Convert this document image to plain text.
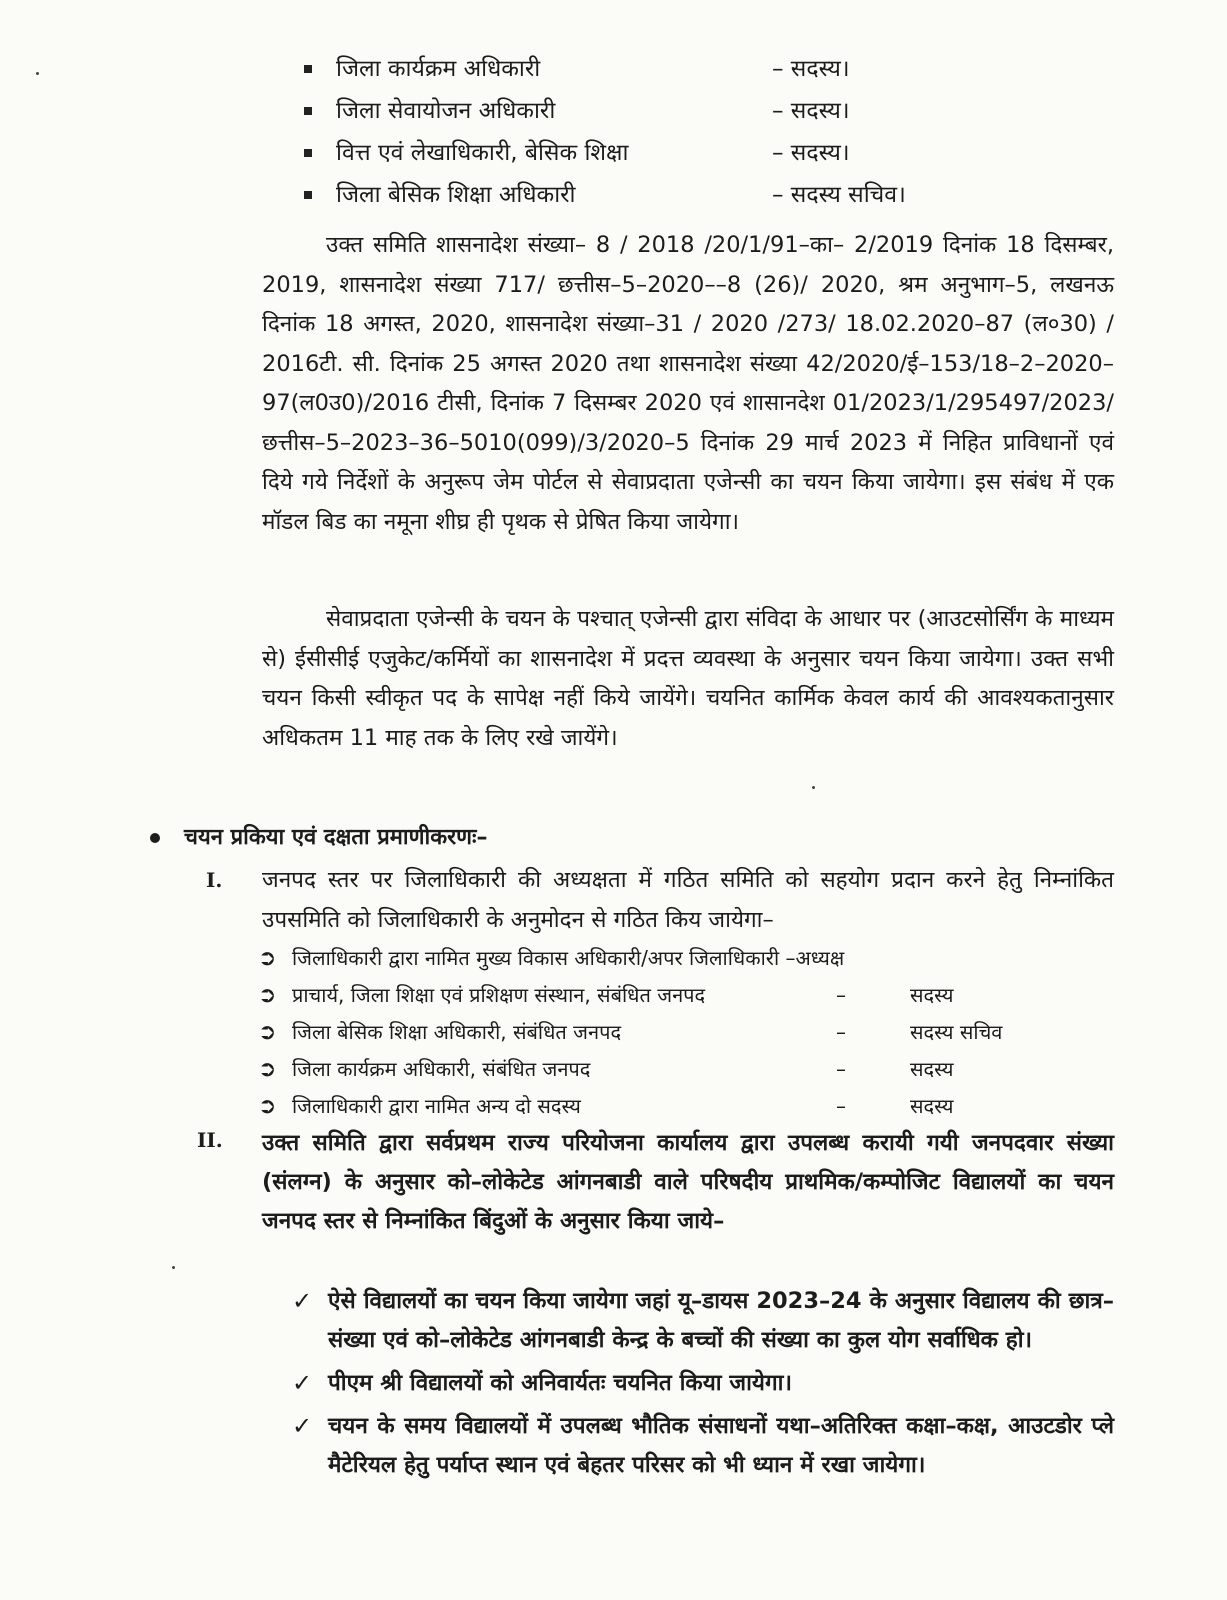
जिला कार्यक्रम अधिकारी	– सदस्य।
जिला सेवायोजन अधिकारी	– सदस्य।
वित्त एवं लेखाधिकारी, बेसिक शिक्षा	– सदस्य।
जिला बेसिक शिक्षा अधिकारी	– सदस्य सचिव।

उक्त समिति शासनादेश संख्या– 8 / 2018 /20/1/91–का– 2/2019 दिनांक 18 दिसम्बर, 2019, शासनादेश संख्या 717/ छत्तीस–5–2020––8 (26)/ 2020, श्रम अनुभाग–5, लखनऊ दिनांक 18 अगस्त, 2020, शासनादेश संख्या–31 / 2020 /273/ 18.02.2020–87 (ल०30) / 2016टी. सी. दिनांक 25 अगस्त 2020 तथा शासनादेश संख्या 42/2020/ई–153/18–2–2020–97(ल0उ0)/2016 टीसी, दिनांक 7 दिसम्बर 2020 एवं शासानदेश 01/2023/1/295497/2023/छत्तीस–5–2023–36–5010(099)/3/2020–5 दिनांक 29 मार्च 2023 में निहित प्राविधानों एवं दिये गये निर्देशों के अनुरूप जेम पोर्टल से सेवाप्रदाता एजेन्सी का चयन किया जायेगा। इस संबंध में एक मॉडल बिड का नमूना शीघ्र ही पृथक से प्रेषित किया जायेगा।

सेवाप्रदाता एजेन्सी के चयन के पश्चात् एजेन्सी द्वारा संविदा के आधार पर (आउटसोर्सिंग के माध्यम से) ईसीसीई एजुकेट/कर्मियों का शासनादेश में प्रदत्त व्यवस्था के अनुसार चयन किया जायेगा। उक्त सभी चयन किसी स्वीकृत पद के सापेक्ष नहीं किये जायेंगे। चयनित कार्मिक केवल कार्य की आवश्यकतानुसार अधिकतम 11 माह तक के लिए रखे जायेंगे।

चयन प्रकिया एवं दक्षता प्रमाणीकरणः–
I. जनपद स्तर पर जिलाधिकारी की अध्यक्षता में गठित समिति को सहयोग प्रदान करने हेतु निम्नांकित उपसमिति को जिलाधिकारी के अनुमोदन से गठित किय जायेगा–

➲ जिलाधिकारी द्वारा नामित मुख्य विकास अधिकारी/अपर जिलाधिकारी –अध्यक्ष
➲ प्राचार्य, जिला शिक्षा एवं प्रशिक्षण संस्थान, संबंधित जनपद	–	सदस्य
➲ जिला बेसिक शिक्षा अधिकारी, संबंधित जनपद	–	सदस्य सचिव
➲ जिला कार्यक्रम अधिकारी, संबंधित जनपद	–	सदस्य
➲ जिलाधिकारी द्वारा नामित अन्य दो सदस्य	–	सदस्य
II. उक्त समिति द्वारा सर्वप्रथम राज्य परियोजना कार्यालय द्वारा उपलब्ध करायी गयी जनपदवार संख्या (संलग्न) के अनुसार को–लोकेटेड आंगनबाडी वाले परिषदीय प्राथमिक/कम्पोजिट विद्यालयों का चयन जनपद स्तर से निम्नांकित बिंदुओं के अनुसार किया जाये–

✓ ऐसे विद्यालयों का चयन किया जायेगा जहां यू–डायस 2023–24 के अनुसार विद्यालय की छात्र–संख्या एवं को–लोकेटेड आंगनबाडी केन्द्र के बच्चों की संख्या का कुल योग सर्वाधिक हो।
✓ पीएम श्री विद्यालयों को अनिवार्यतः चयनित किया जायेगा।
✓ चयन के समय विद्यालयों में उपलब्ध भौतिक संसाधनों यथा–अतिरिक्त कक्षा–कक्ष, आउटडोर प्ले मैटेरियल हेतु पर्याप्त स्थान एवं बेहतर परिसर को भी ध्यान में रखा जायेगा।
